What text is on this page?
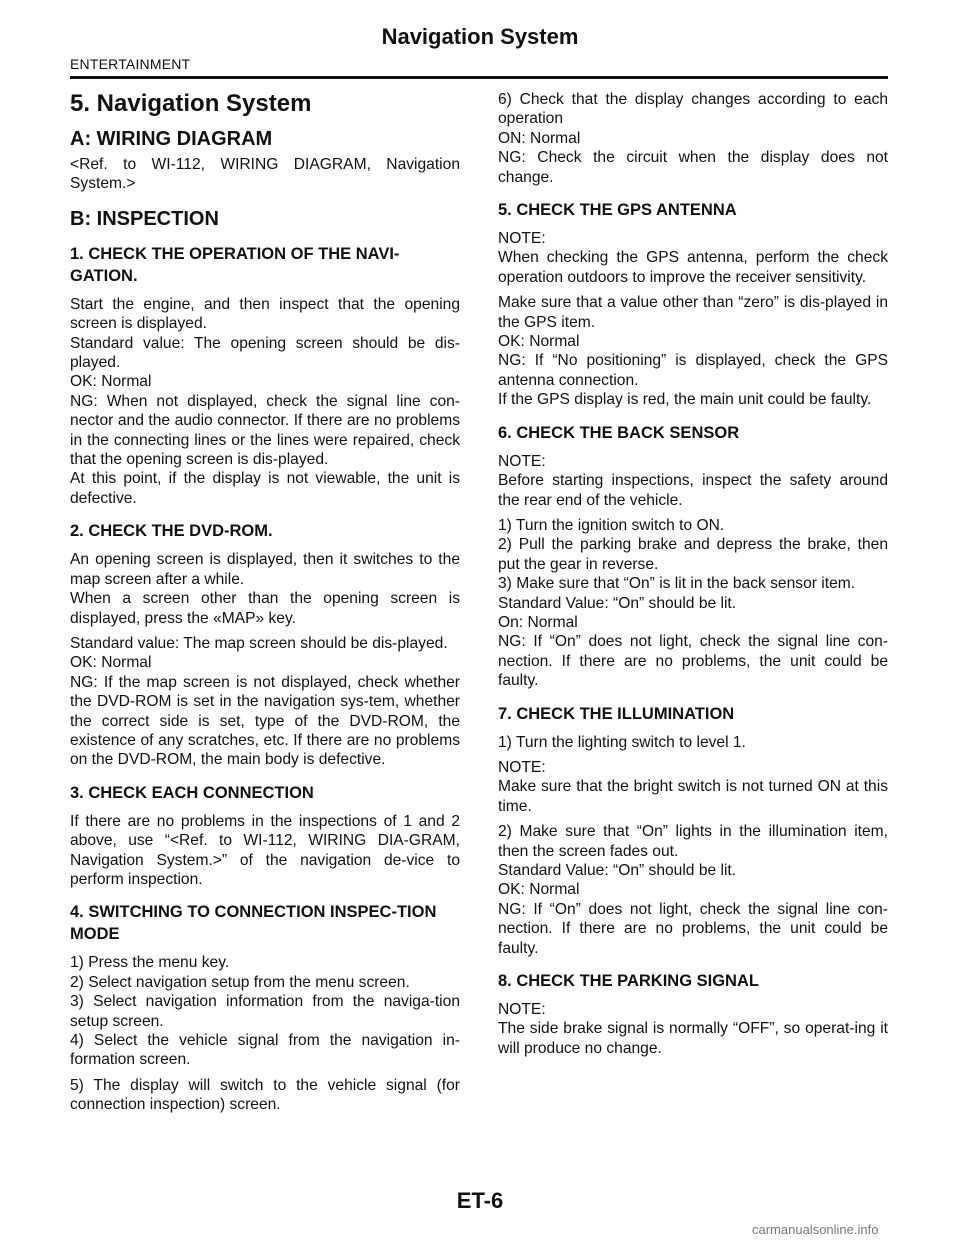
Navigation System
ENTERTAINMENT
5. Navigation System
A: WIRING DIAGRAM

<Ref. to WI-112, WIRING DIAGRAM, Navigation System.>

B: INSPECTION
1. CHECK THE OPERATION OF THE NAVI-GATION.

Start the engine, and then inspect that the opening screen is displayed.

Standard value: The opening screen should be dis-played.

OK: Normal

NG: When not displayed, check the signal line con-nector and the audio connector. If there are no problems in the connecting lines or the lines were repaired, check that the opening screen is dis-played.

At this point, if the display is not viewable, the unit is defective.

2. CHECK THE DVD-ROM.

An opening screen is displayed, then it switches to the map screen after a while.

When a screen other than the opening screen is displayed, press the «MAP» key.

Standard value: The map screen should be dis-played.

OK: Normal

NG: If the map screen is not displayed, check whether the DVD-ROM is set in the navigation sys-tem, whether the correct side is set, type of the DVD-ROM, the existence of any scratches, etc. If there are no problems on the DVD-ROM, the main body is defective.

3. CHECK EACH CONNECTION

If there are no problems in the inspections of 1 and 2 above, use “<Ref. to WI-112, WIRING DIA-GRAM, Navigation System.>” of the navigation de-vice to perform inspection.

4. SWITCHING TO CONNECTION INSPEC-TION MODE

1) Press the menu key.

2) Select navigation setup from the menu screen.

3) Select navigation information from the naviga-tion setup screen.

4) Select the vehicle signal from the navigation in-formation screen.

5) The display will switch to the vehicle signal (for connection inspection) screen.

6) Check that the display changes according to each operation

ON: Normal

NG: Check the circuit when the display does not change.

5. CHECK THE GPS ANTENNA

NOTE:

When checking the GPS antenna, perform the check operation outdoors to improve the receiver sensitivity.

Make sure that a value other than “zero” is dis-played in the GPS item.

OK: Normal

NG: If “No positioning” is displayed, check the GPS antenna connection.

If the GPS display is red, the main unit could be faulty.

6. CHECK THE BACK SENSOR

NOTE:

Before starting inspections, inspect the safety around the rear end of the vehicle.

1) Turn the ignition switch to ON.

2) Pull the parking brake and depress the brake, then put the gear in reverse.

3) Make sure that “On” is lit in the back sensor item.

Standard Value: “On” should be lit.

On: Normal

NG: If “On” does not light, check the signal line con-nection. If there are no problems, the unit could be faulty.

7. CHECK THE ILLUMINATION

1) Turn the lighting switch to level 1.

NOTE:

Make sure that the bright switch is not turned ON at this time.

2) Make sure that “On” lights in the illumination item, then the screen fades out.

Standard Value: “On” should be lit.

OK: Normal

NG: If “On” does not light, check the signal line con-nection. If there are no problems, the unit could be faulty.

8. CHECK THE PARKING SIGNAL

NOTE:

The side brake signal is normally “OFF”, so operat-ing it will produce no change.

ET-6
carmanualsonline.info
